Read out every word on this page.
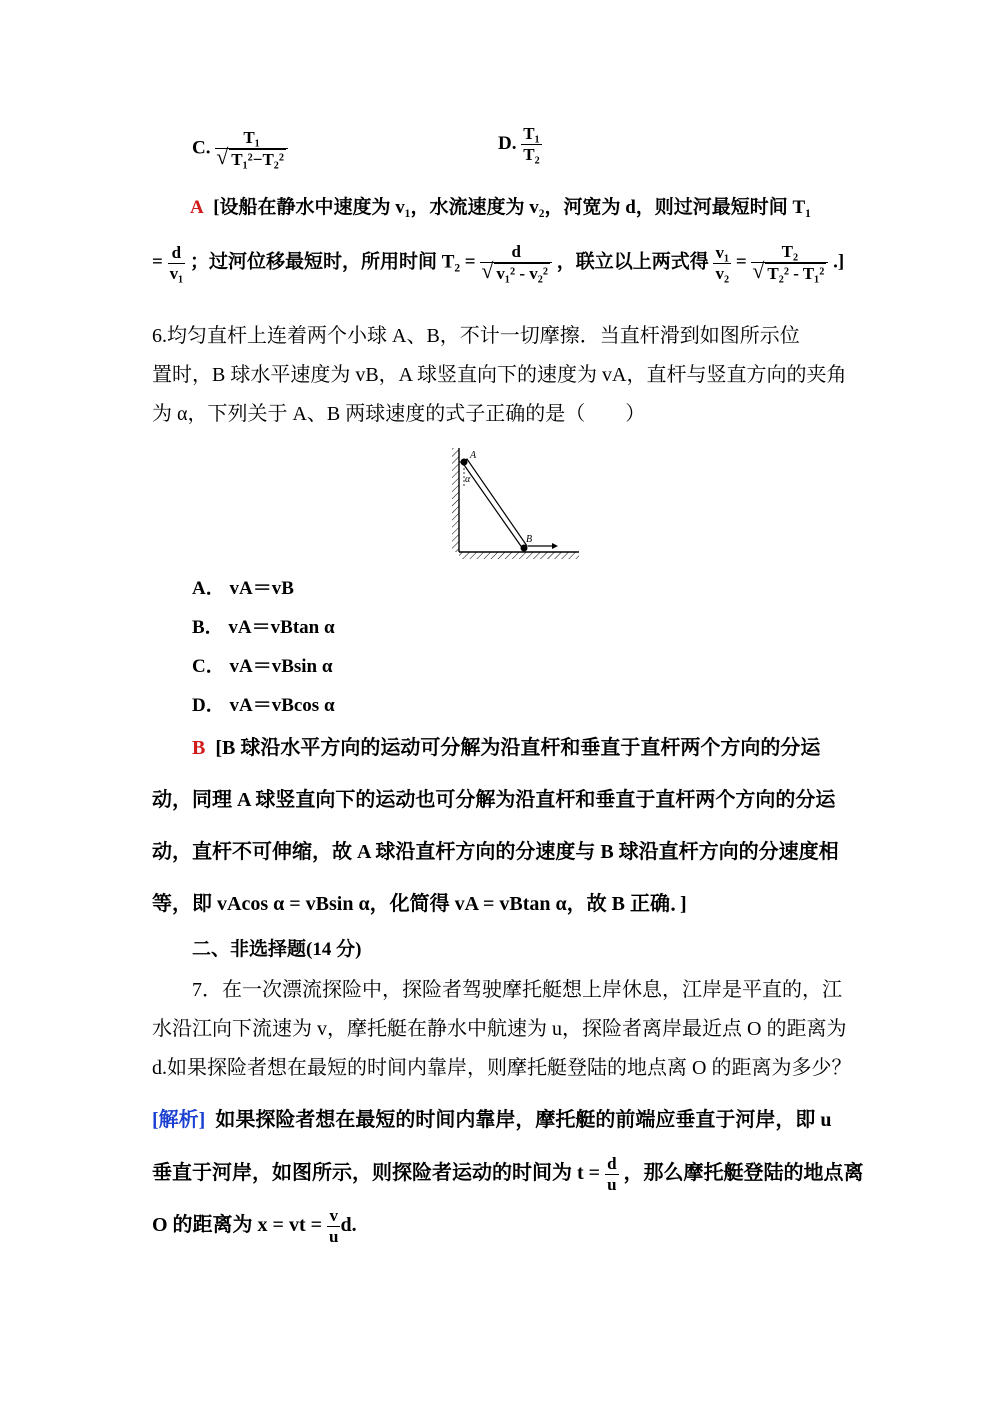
C. T₁
√ T₁²−T₂²	D. $\frac{\text{T₁}}{\text{T₂}}$
A [设船在静水中速度为 v₁，水流速度为 v₂，河宽为 d，则过河最短时间 T₁
= $\frac{d}{\text{v₁}}$ ；过河位移最短时，所用时间 T₂ = d
√ v₁² - v₂² ，联立以上两式得 $\frac{\text{v₁}}{\text{v₂}} = T_2$
√ T₂² - T₁² .]
6.均匀直杆上连着两个小球 A、B，不计一切摩擦．当直杆滑到如图所示位
置时，B 球水平速度为 vB，A 球竖直向下的速度为 vA，直杆与竖直方向的夹角
为 α，下列关于 A、B 两球速度的式子正确的是（　　）
A
α
B
A． vA＝vB
B． vA＝vBtan α
C． vA＝vBsin α
D． vA＝vBcos α
B [B 球沿水平方向的运动可分解为沿直杆和垂直于直杆两个方向的分运
动，同理 A 球竖直向下的运动也可分解为沿直杆和垂直于直杆两个方向的分运
动，直杆不可伸缩，故 A 球沿直杆方向的分速度与 B 球沿直杆方向的分速度相
等，即 vAcos α = vBsin α，化简得 vA = vBtan α，故 B 正确．]
二、非选择题(14 分)
7．在一次漂流探险中，探险者驾驶摩托艇想上岸休息，江岸是平直的，江
水沿江向下流速为 v，摩托艇在静水中航速为 u，探险者离岸最近点 O 的距离为
d.如果探险者想在最短的时间内靠岸，则摩托艇登陆的地点离 O 的距离为多少？
[解析] 如果探险者想在最短的时间内靠岸，摩托艇的前端应垂直于河岸，即 u
垂直于河岸，如图所示，则探险者运动的时间为 $t = \frac{d}{u}$ ，那么摩托艇登陆的地点离
O 的距离为 x = vt = $\frac{v}{u} d$.
